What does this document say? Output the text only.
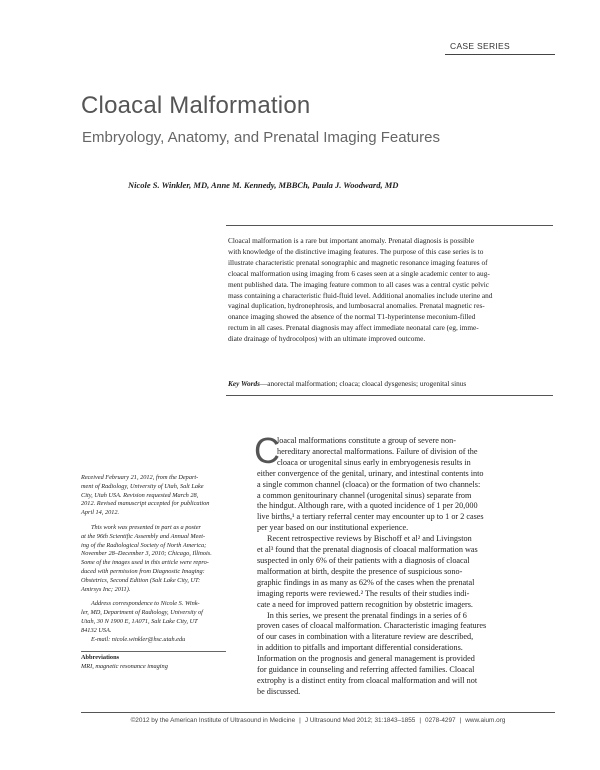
CASE SERIES
Cloacal Malformation
Embryology, Anatomy, and Prenatal Imaging Features
Nicole S. Winkler, MD, Anne M. Kennedy, MBBCh, Paula J. Woodward, MD
Cloacal malformation is a rare but important anomaly. Prenatal diagnosis is possible
with knowledge of the distinctive imaging features. The purpose of this case series is to
illustrate characteristic prenatal sonographic and magnetic resonance imaging features of
cloacal malformation using imaging from 6 cases seen at a single academic center to aug-
ment published data. The imaging feature common to all cases was a central cystic pelvic
mass containing a characteristic fluid-fluid level. Additional anomalies include uterine and
vaginal duplication, hydronephrosis, and lumbosacral anomalies. Prenatal magnetic res-
onance imaging showed the absence of the normal T1-hyperintense meconium-filled
rectum in all cases. Prenatal diagnosis may affect immediate neonatal care (eg, imme-
diate drainage of hydrocolpos) with an ultimate improved outcome.
Key Words—anorectal malformation; cloaca; cloacal dysgenesis; urogenital sinus
Received February 21, 2012, from the Depart-
ment of Radiology, University of Utah, Salt Lake
City, Utah USA. Revision requested March 28,
2012. Revised manuscript accepted for publication
April 14, 2012.
This work was presented in part as a poster
at the 96th Scientific Assembly and Annual Meet-
ing of the Radiological Society of North America;
November 28–December 3, 2010; Chicago, Illinois.
Some of the images used in this article were repro-
duced with permission from Diagnostic Imaging:
Obstetrics, Second Edition (Salt Lake City, UT:
Amirsys Inc; 2011).
Address correspondence to Nicole S. Wink-
ler, MD, Department of Radiology, University of
Utah, 30 N 1900 E, 1A071, Salt Lake City, UT
84132 USA.
E-mail: nicole.winkler@hsc.utah.edu
Abbreviations
MRI, magnetic resonance imaging
C
loacal malformations constitute a group of severe non-
hereditary anorectal malformations. Failure of division of the
cloaca or urogenital sinus early in embryogenesis results in
either convergence of the genital, urinary, and intestinal contents into
a single common channel (cloaca) or the formation of two channels:
a common genitourinary channel (urogenital sinus) separate from
the hindgut. Although rare, with a quoted incidence of 1 per 20,000
live births,¹ a tertiary referral center may encounter up to 1 or 2 cases
per year based on our institutional experience.
Recent retrospective reviews by Bischoff et al² and Livingston
et al³ found that the prenatal diagnosis of cloacal malformation was
suspected in only 6% of their patients with a diagnosis of cloacal
malformation at birth, despite the presence of suspicious sono-
graphic findings in as many as 62% of the cases when the prenatal
imaging reports were reviewed.² The results of their studies indi-
cate a need for improved pattern recognition by obstetric imagers.
In this series, we present the prenatal findings in a series of 6
proven cases of cloacal malformation. Characteristic imaging features
of our cases in combination with a literature review are described,
in addition to pitfalls and important differential considerations.
Information on the prognosis and general management is provided
for guidance in counseling and referring affected families. Cloacal
extrophy is a distinct entity from cloacal malformation and will not
be discussed.
©2012 by the American Institute of Ultrasound in Medicine | J Ultrasound Med 2012; 31:1843–1855 | 0278-4297 | www.aium.org
